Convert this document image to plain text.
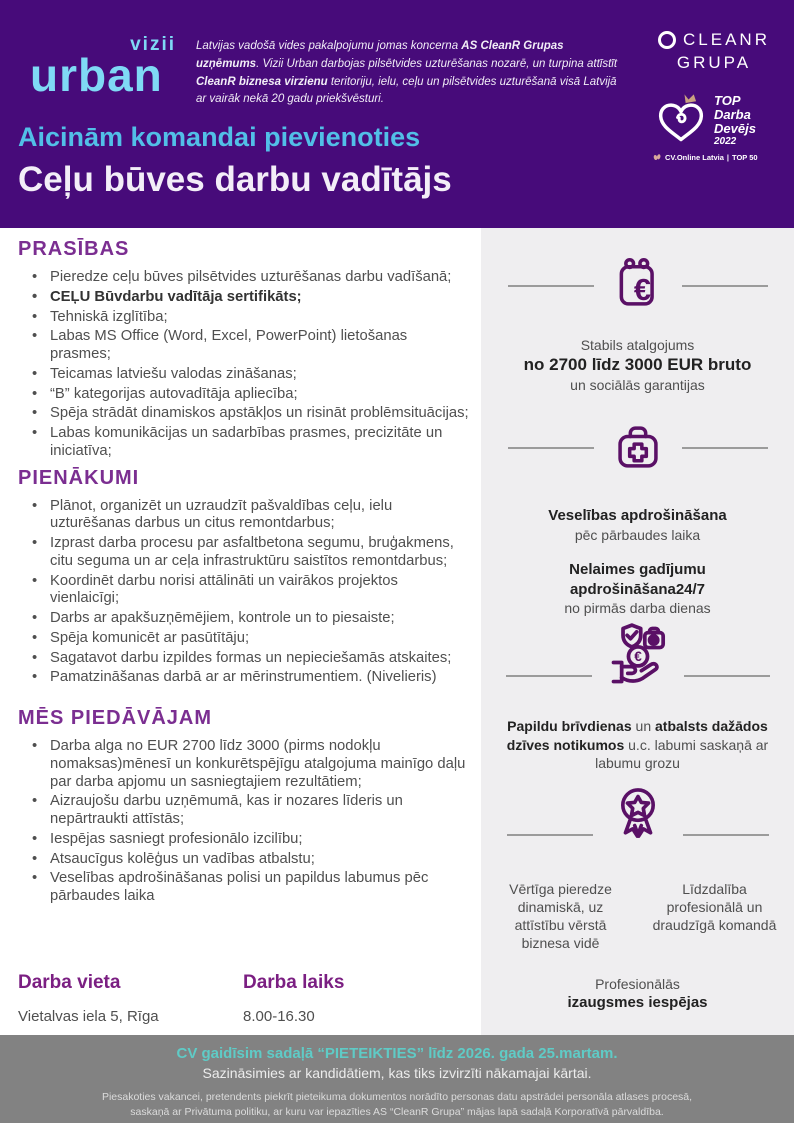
vizii
urban
Latvijas vadošā vides pakalpojumu jomas koncerna AS CleanR Grupas uzņēmums. Vizii Urban darbojas pilsētvides uzturēšanas nozarē, un turpina attīstīt CleanR biznesa virzienu teritoriju, ielu, ceļu un pilsētvides uzturēšanā visā Latvijā ar vairāk nekā 20 gadu priekšvēsturi.
CLEANR
GRUPA
TOP
Darba
Devējs
2022
CV.Online Latvia | TOP 50
Aicinām komandai pievienoties
Ceļu būves darbu vadītājs
PRASĪBAS
• Pieredze ceļu būves pilsētvides uzturēšanas darbu vadīšanā;
• CEĻU Būvdarbu vadītāja sertifikāts;
• Tehniskā izglītība;
• Labas MS Office (Word, Excel, PowerPoint) lietošanas prasmes;
• Teicamas latviešu valodas zināšanas;
• “B” kategorijas autovadītāja apliecība;
• Spēja strādāt dinamiskos apstākļos un risināt problēmsituācijas;
• Labas komunikācijas un sadarbības prasmes, precizitāte un iniciatīva;
PIENĀKUMI
• Plānot, organizēt un uzraudzīt pašvaldības ceļu, ielu uzturēšanas darbus un citus remontdarbus;
• Izprast darba procesu par asfaltbetona segumu, bruģakmens, citu seguma un ar ceļa infrastruktūru saistītos remontdarbus;
• Koordinēt darbu norisi attālināti un vairākos projektos vienlaicīgi;
• Darbs ar apakšuzņēmējiem, kontrole un to piesaiste;
• Spēja komunicēt ar pasūtītāju;
• Sagatavot darbu izpildes formas un nepieciešamās atskaites;
• Pamatzināšanas darbā ar ar mērinstrumentiem. (Nivelieris)
MĒS PIEDĀVĀJAM
• Darba alga no EUR 2700 līdz 3000 (pirms nodokļu nomaksas)mēnesī un konkurētspējīgu atalgojuma mainīgo daļu par darba apjomu un sasniegtajiem rezultātiem;
• Aizraujošu darbu uzņēmumā, kas ir nozares līderis un nepārtraukti attīstās;
• Iespējas sasniegt profesionālo izcilību;
• Atsaucīgus kolēģus un vadības atbalstu;
• Veselības apdrošināšanas polisi un papildus labumus pēc pārbaudes laika
Darba vieta
Vietalvas iela 5, Rīga
Darba laiks
8.00-16.30
€
Stabils atalgojums
no 2700 līdz 3000 EUR bruto
un sociālās garantijas
Veselības apdrošināšana
pēc pārbaudes laika
Nelaimes gadījumu
apdrošināšana24/7
no pirmās darba dienas
€
Papildu brīvdienas un atbalsts dažādos dzīves notikumos u.c. labumi saskaņā ar labumu grozu
Vērtīga pieredze
dinamiskā, uz attīstību vērstā biznesa vidē
Līdzdalība profesionālā un draudzīgā komandā
Profesionālās
izaugsmes iespējas
CV gaidīsim sadaļā “PIETEIKTIES” līdz 2026. gada 25.martam.
Sazināsimies ar kandidātiem, kas tiks izvirzīti nākamajai kārtai.
Piesakoties vakancei, pretendents piekrīt pieteikuma dokumentos norādīto personas datu apstrādei personāla atlases procesā,
saskaņā ar Privātuma politiku, ar kuru var iepazīties AS “CleanR Grupa” mājas lapā sadaļā Korporatīvā pārvaldība.
